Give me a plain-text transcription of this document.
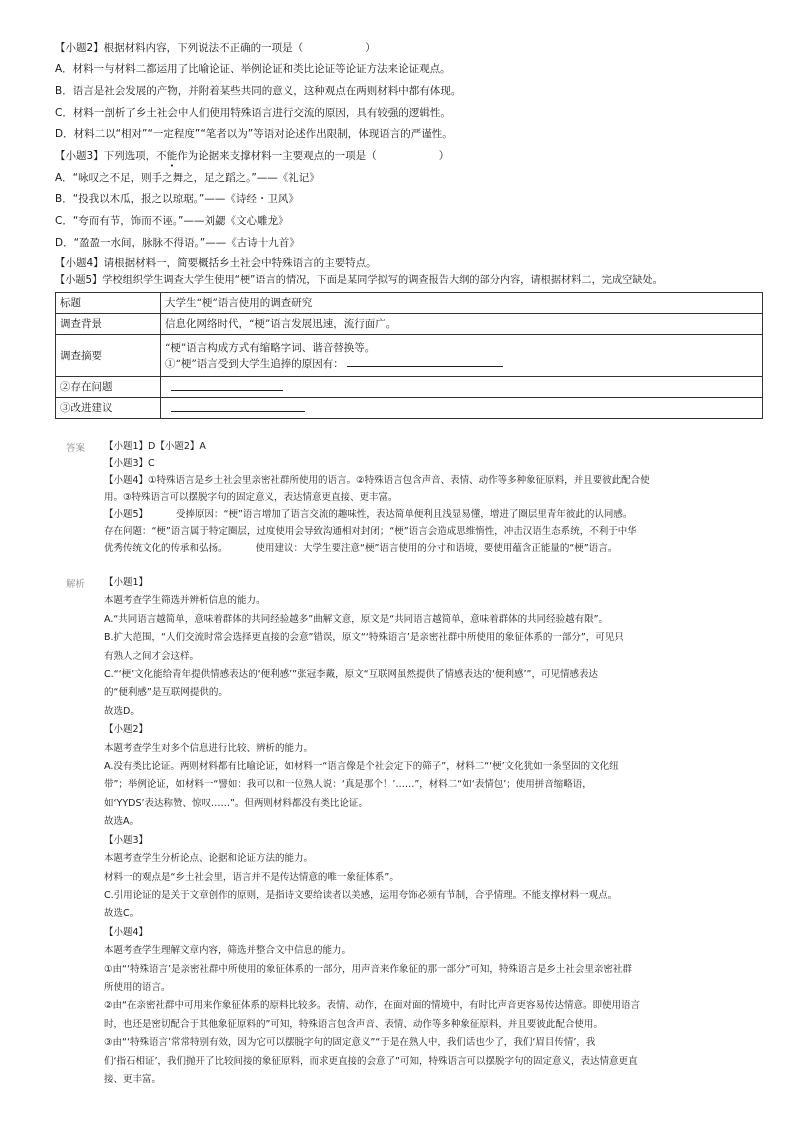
【小题2】根据材料内容，下列说法不正确的一项是（	）
A．材料一与材料二都运用了比喻论证、举例论证和类比论证等论证方法来论证观点。
B．语言是社会发展的产物，并附着某些共同的意义，这种观点在两则材料中都有体现。
C．材料一剖析了乡土社会中人们使用特殊语言进行交流的原因，具有较强的逻辑性。
D．材料二以“相对”“一定程度”“笔者以为”等语对论述作出限制，体现语言的严谨性。
【小题3】下列选项，不能作为论据来支撑材料一主要观点的一项是（	）
A．“咏叹之不足，则手之舞之，足之蹈之。”——《礼记》
B．“投我以木瓜，报之以琼琚。”——《诗经・卫风》
C．“夸而有节，饰而不诬。”——刘勰《文心雕龙》
D．“盈盈一水间，脉脉不得语。”——《古诗十九首》
【小题4】请根据材料一，简要概括乡土社会中特殊语言的主要特点。
【小题5】学校组织学生调查大学生使用“梗”语言的情况，下面是某同学拟写的调查报告大纲的部分内容，请根据材料二，完成空缺处。
标题	大学生“梗”语言使用的调查研究
调查背景	信息化网络时代，“梗”语言发展迅速，流行面广。
调查摘要	“梗”语言构成方式有缩略字词、谐音替换等。
①“梗”语言受到大学生追捧的原因有：

②存在问题	
③改进建议	
答案 【小题1】D【小题2】A

【小题3】C

【小题4】①特殊语言是乡土社会里亲密社群所使用的语言。②特殊语言包含声音、表情、动作等多种象征原料，并且要彼此配合使

用。③特殊语言可以摆脱字句的固定意义，表达情意更直接、更丰富。

【小题5】	受捧原因：“梗”语言增加了语言交流的趣味性，表达简单便利且浅显易懂，增进了圈层里青年彼此的认同感。

存在问题：“梗”语言属于特定圈层，过度使用会导致沟通相对封闭；“梗”语言会造成思维惰性，冲击汉语生态系统，不利于中华

优秀传统文化的传承和弘扬。	使用建议：大学生要注意“梗”语言使用的分寸和语境，要使用蕴含正能量的“梗”语言。

解析 【小题1】

本题考查学生筛选并辨析信息的能力。

A.“共同语言越简单，意味着群体的共同经验越多”曲解文意，原文是“共同语言越简单，意味着群体的共同经验越有限”。

B.扩大范围，“人们交流时常会选择更直接的会意”错误，原文“‘特殊语言’是亲密社群中所使用的象征体系的一部分”，可见只

有熟人之间才会这样。

C.“‘梗’文化能给青年提供情感表达的‘便利感’”张冠李戴，原文“互联网虽然提供了情感表达的‘便利感’”，可见情感表达

的“便利感”是互联网提供的。

故选D。

【小题2】

本题考查学生对多个信息进行比较、辨析的能力。

A.没有类比论证。两则材料都有比喻论证，如材料一“语言像是个社会定下的筛子”，材料二“‘梗’文化犹如一条坚固的文化纽

带”；举例论证，如材料一“譬如：我可以和一位熟人说：‘真是那个！’……”，材料二“如‘表情包’；使用拼音缩略语，

如‘YYDS’表达称赞、惊叹……”。但两则材料都没有类比论证。

故选A。

【小题3】

本题考查学生分析论点、论据和论证方法的能力。

材料一的观点是“乡土社会里，语言并不是传达情意的唯一象征体系”。

C.引用论证的是关于文章创作的原则，是指诗文要给读者以美感，运用夸饰必须有节制，合乎情理。不能支撑材料一观点。

故选C。

【小题4】

本题考查学生理解文章内容，筛选并整合文中信息的能力。

①由“‘特殊语言’是亲密社群中所使用的象征体系的一部分，用声音来作象征的那一部分”可知，特殊语言是乡土社会里亲密社群

所使用的语言。

②由“在亲密社群中可用来作象征体系的原料比较多。表情、动作，在面对面的情境中，有时比声音更容易传达情意。即使用语言

时，也还是密切配合于其他象征原料的”可知，特殊语言包含声音、表情、动作等多种象征原料，并且要彼此配合使用。

③由“‘特殊语言’常常特别有效，因为它可以摆脱字句的固定意义”“于是在熟人中，我们话也少了，我们‘眉目传情’，我

们‘指石相证’，我们抛开了比较间接的象征原料，而求更直接的会意了”可知，特殊语言可以摆脱字句的固定意义，表达情意更直

接、更丰富。
